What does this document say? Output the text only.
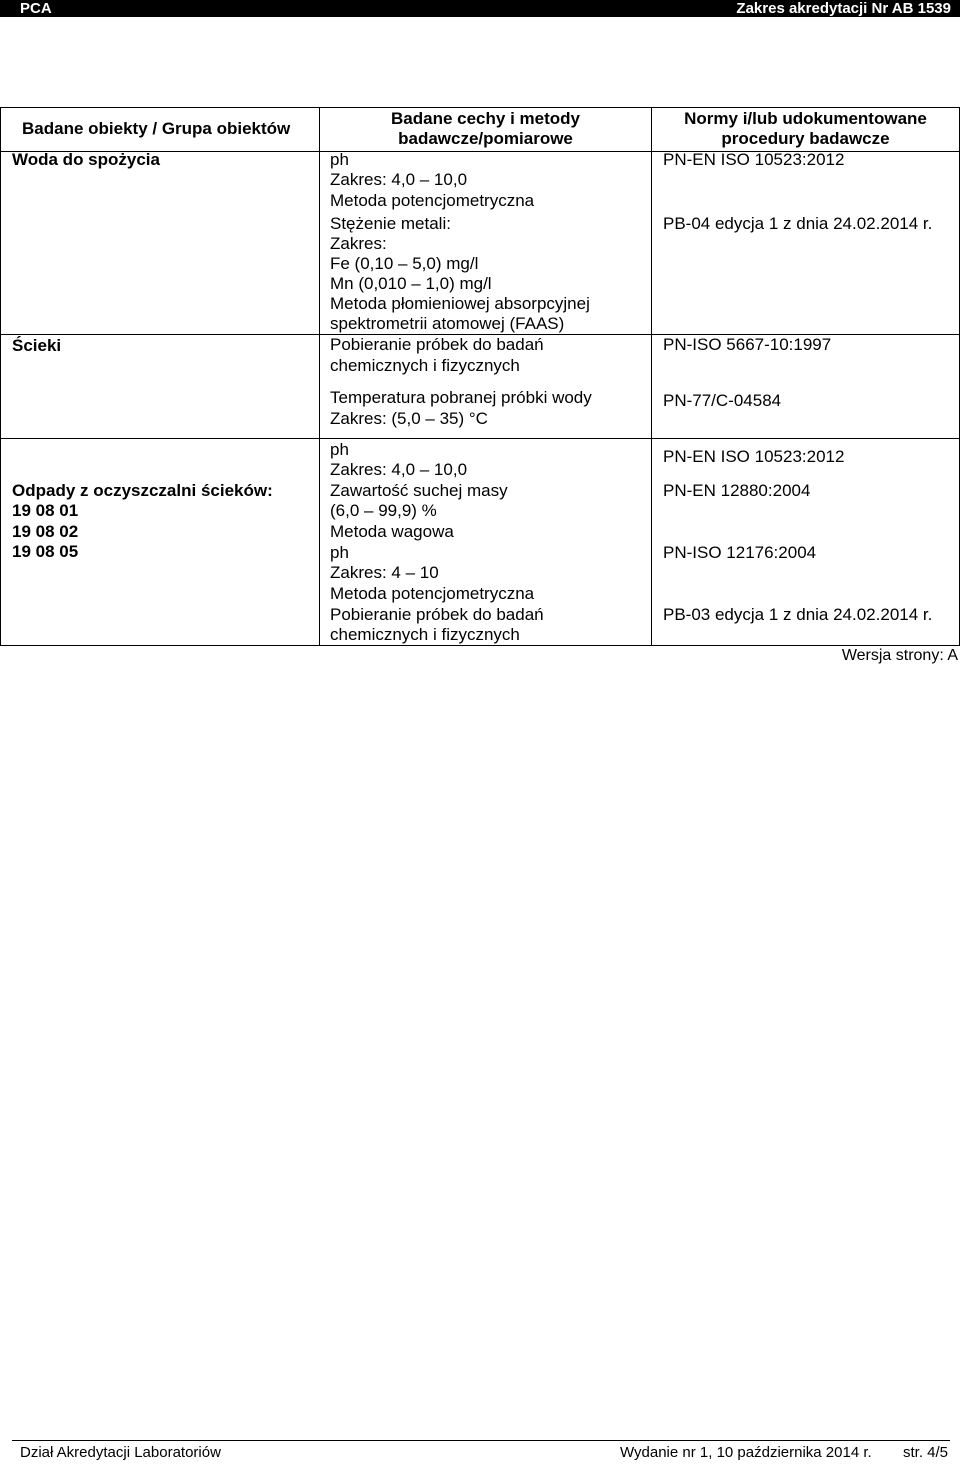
PCA	Zakres akredytacji Nr AB 1539
Badane obiekty / Grupa obiektów
Badane cechy i metody
badawcze/pomiarowe
Normy i/lub udokumentowane
procedury badawcze
Woda do spożycia
Ścieki
Odpady z oczyszczalni ścieków:
19 08 01
19 08 02
19 08 05
ph
Zakres: 4,0 – 10,0
Metoda potencjometryczna
Stężenie metali:
Zakres:
Fe (0,10 – 5,0) mg/l
Mn (0,010 – 1,0) mg/l
Metoda płomieniowej absorpcyjnej
spektrometrii atomowej (FAAS)
Pobieranie próbek do badań
chemicznych i fizycznych
Temperatura pobranej próbki wody
Zakres: (5,0 – 35) °C
ph
Zakres: 4,0 – 10,0
Zawartość suchej masy
(6,0 – 99,9) %
Metoda wagowa
ph
Zakres: 4 – 10
Metoda potencjometryczna
Pobieranie próbek do badań
chemicznych i fizycznych
PN-EN ISO 10523:2012
PB-04 edycja 1 z dnia 24.02.2014 r.
PN-ISO 5667-10:1997
PN-77/C-04584
PN-EN ISO 10523:2012
PN-EN 12880:2004
PN-ISO 12176:2004
PB-03 edycja 1 z dnia 24.02.2014 r.
Wersja strony: A
Dział Akredytacji Laboratoriów	Wydanie nr 1, 10 października 2014 r. str. 4/5
